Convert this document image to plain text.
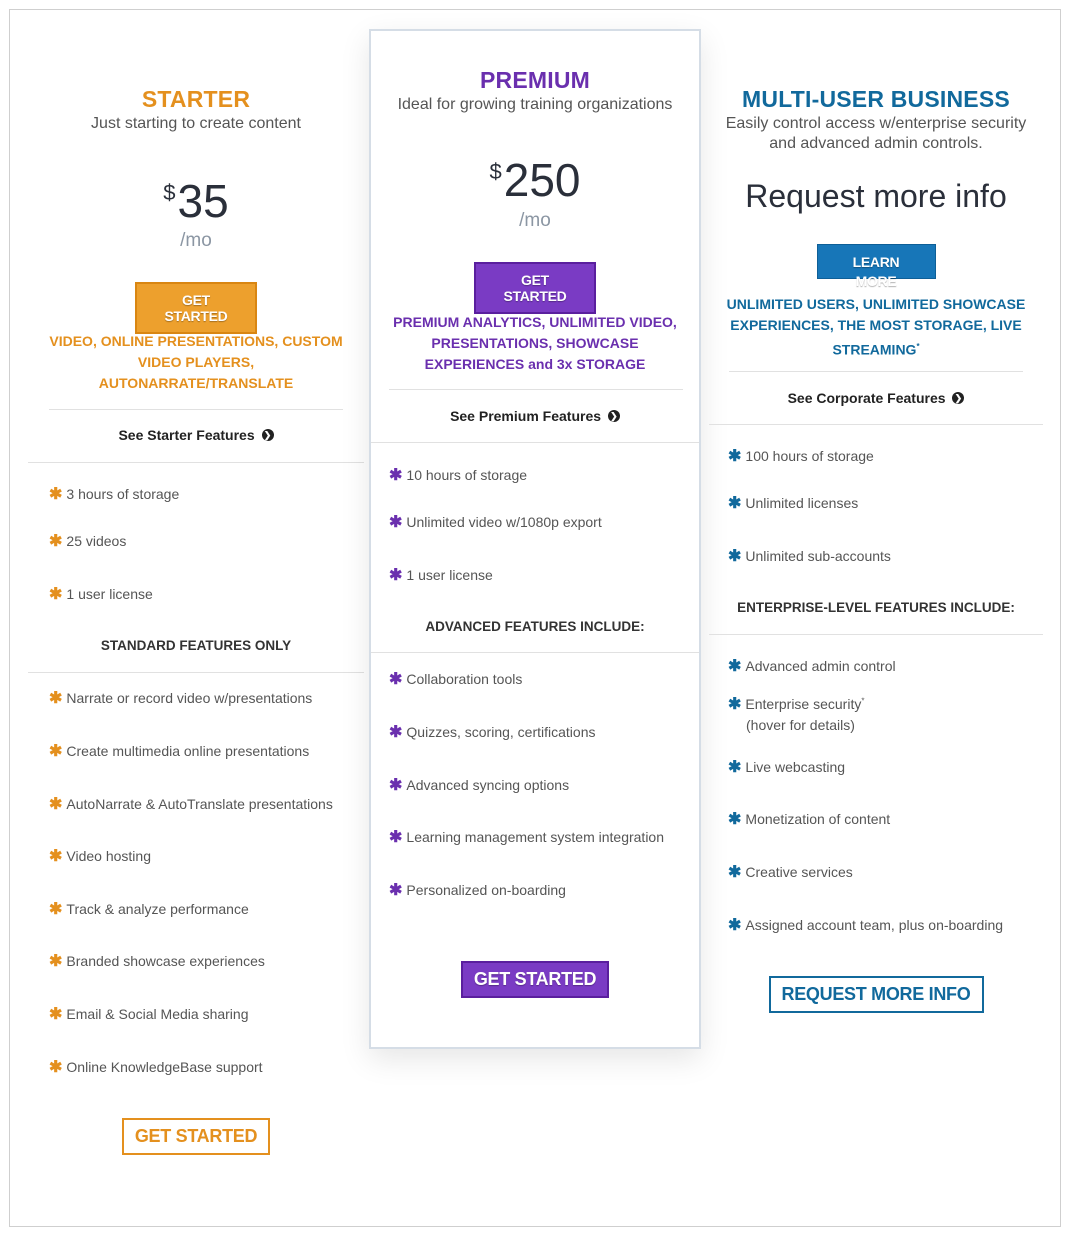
STARTER
Just starting to create content
$35
/mo
GET STARTED
VIDEO, ONLINE PRESENTATIONS, CUSTOM
VIDEO PLAYERS,
AUTONARRATE/TRANSLATE
See Starter Features ❯
✱ 3 hours of storage
✱ 25 videos
✱ 1 user license
STANDARD FEATURES ONLY
✱ Narrate or record video w/presentations
✱ Create multimedia online presentations
✱ AutoNarrate & AutoTranslate presentations
✱ Video hosting
✱ Track & analyze performance
✱ Branded showcase experiences
✱ Email & Social Media sharing
✱ Online KnowledgeBase support
GET STARTED
PREMIUM
Ideal for growing training organizations
$250
/mo
GET STARTED
PREMIUM ANALYTICS, UNLIMITED VIDEO,
PRESENTATIONS, SHOWCASE
EXPERIENCES and 3x STORAGE
See Premium Features ❯
✱ 10 hours of storage
✱ Unlimited video w/1080p export
✱ 1 user license
ADVANCED FEATURES INCLUDE:
✱ Collaboration tools
✱ Quizzes, scoring, certifications
✱ Advanced syncing options
✱ Learning management system integration
✱ Personalized on-boarding
GET STARTED
MULTI-USER BUSINESS
Easily control access w/enterprise security
and advanced admin controls.
Request more info
LEARN MORE
UNLIMITED USERS, UNLIMITED SHOWCASE
EXPERIENCES, THE MOST STORAGE, LIVE
STREAMING*
See Corporate Features ❯
✱ 100 hours of storage
✱ Unlimited licenses
✱ Unlimited sub-accounts
ENTERPRISE-LEVEL FEATURES INCLUDE:
✱ Advanced admin control
✱ Enterprise security*
(hover for details)
✱ Live webcasting
✱ Monetization of content
✱ Creative services
✱ Assigned account team, plus on-boarding
REQUEST MORE INFO
